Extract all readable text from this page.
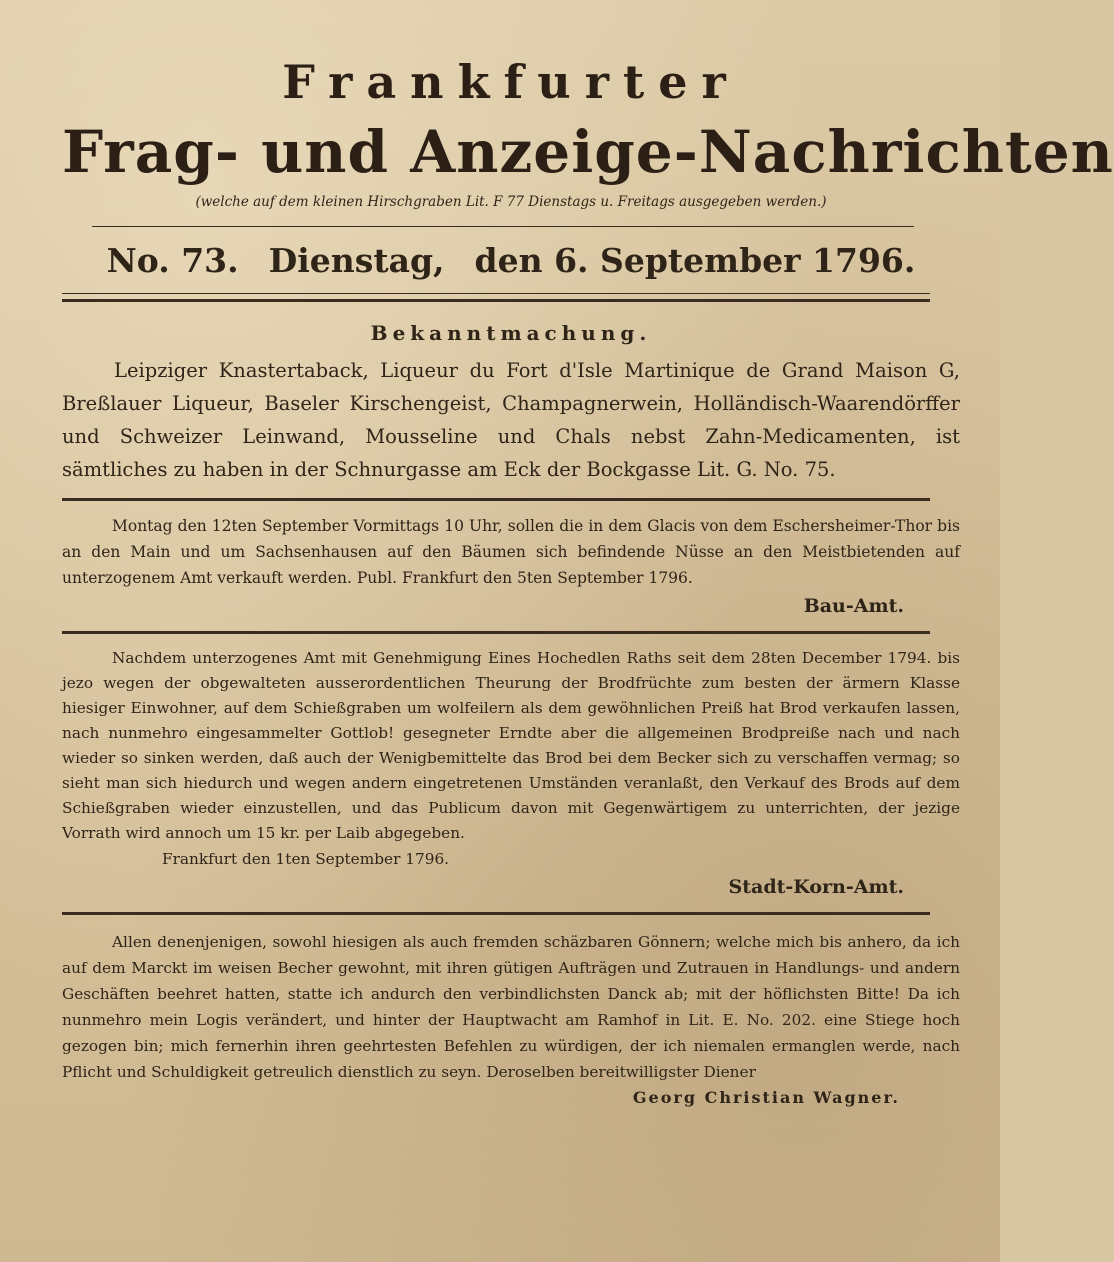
Frankfurter
Frag- und Anzeige-Nachrichten

(welche auf dem kleinen Hirschgraben Lit. F 77 Dienstags u. Freitags ausgegeben werden.)

No. 73. Dienstag, den 6. September 1796.
Bekanntmachung.

Leipziger Knastertaback, Liqueur du Fort d'Isle Martinique de Grand Maison G, Breßlauer Liqueur, Baseler Kirschengeist, Champagnerwein, Holländisch-Waarendörffer und Schweizer Leinwand, Mousseline und Chals nebst Zahn-Medicamenten, ist sämtliches zu haben in der Schnurgasse am Eck der Bockgasse Lit. G. No. 75.

Montag den 12ten September Vormittags 10 Uhr, sollen die in dem Glacis von dem Eschersheimer-Thor bis an den Main und um Sachsenhausen auf den Bäumen sich befindende Nüsse an den Meistbietenden auf unterzogenem Amt verkauft werden. Publ. Frankfurt den 5ten September 1796.

Bau-Amt.

Nachdem unterzogenes Amt mit Genehmigung Eines Hochedlen Raths seit dem 28ten December 1794. bis jezo wegen der obgewalteten ausserordentlichen Theurung der Brodfrüchte zum besten der ärmern Klasse hiesiger Einwohner, auf dem Schießgraben um wolfeilern als dem gewöhnlichen Preiß hat Brod verkaufen lassen, nach nunmehro eingesammelter Gottlob! gesegneter Erndte aber die allgemeinen Brodpreiße nach und nach wieder so sinken werden, daß auch der Wenigbemittelte das Brod bei dem Becker sich zu verschaffen vermag; so sieht man sich hiedurch und wegen andern eingetretenen Umständen veranlaßt, den Verkauf des Brods auf dem Schießgraben wieder einzustellen, und das Publicum davon mit Gegenwärtigem zu unterrichten, der jezige Vorrath wird annoch um 15 kr. per Laib abgegeben.

Frankfurt den 1ten September 1796.

Stadt-Korn-Amt.

Allen denenjenigen, sowohl hiesigen als auch fremden schäzbaren Gönnern; welche mich bis anhero, da ich auf dem Marckt im weisen Becher gewohnt, mit ihren gütigen Aufträgen und Zutrauen in Handlungs- und andern Geschäften beehret hatten, statte ich andurch den verbindlichsten Danck ab; mit der höflichsten Bitte! Da ich nunmehro mein Logis verändert, und hinter der Hauptwacht am Ramhof in Lit. E. No. 202. eine Stiege hoch gezogen bin; mich fernerhin ihren geehrtesten Befehlen zu würdigen, der ich niemalen ermanglen werde, nach Pflicht und Schuldigkeit getreulich dienstlich zu seyn. Deroselben bereitwilligster Diener

Georg Christian Wagner.
